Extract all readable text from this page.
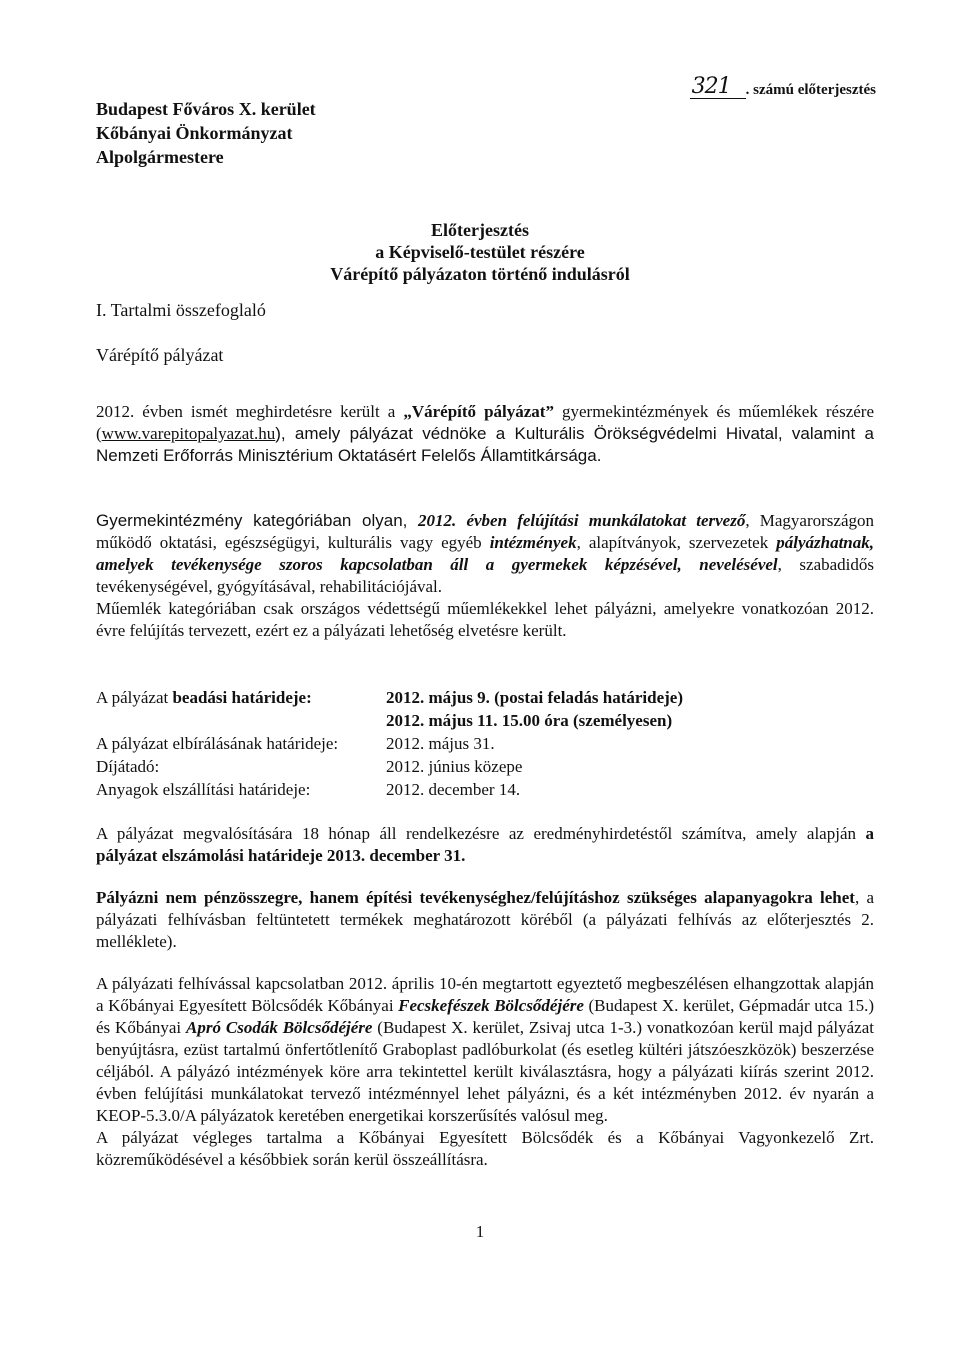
Budapest Főváros X. kerület
Kőbányai Önkormányzat
Alpolgármestere
321	. számú előterjesztés
Előterjesztés
a Képviselő-testület részére
Várépítő pályázaton történő indulásról
I. Tartalmi összefoglaló
Várépítő pályázat

2012. évben ismét meghirdetésre került a „Várépítő pályázat” gyermekintézmények és műemlékek részére (www.varepitopalyazat.hu), amely pályázat védnöke a Kulturális Örökségvédelmi Hivatal, valamint a Nemzeti Erőforrás Minisztérium Oktatásért Felelős Államtitkársága.

Gyermekintézmény kategóriában olyan, 2012. évben felújítási munkálatokat tervező, Magyarországon működő oktatási, egészségügyi, kulturális vagy egyéb intézmények, alapítványok, szervezetek pályázhatnak, amelyek tevékenysége szoros kapcsolatban áll a gyermekek képzésével, nevelésével, szabadidős tevékenységével, gyógyításával, rehabilitációjával.

Műemlék kategóriában csak országos védettségű műemlékekkel lehet pályázni, amelyekre vonatkozóan 2012. évre felújítás tervezett, ezért ez a pályázati lehetőség elvetésre került.

A pályázat beadási határideje:	2012. május 9. (postai feladás határideje)
	2012. május 11. 15.00 óra (személyesen)
A pályázat elbírálásának határideje:	2012. május 31.
Díjátadó:	2012. június közepe
Anyagok elszállítási határideje:	2012. december 14.

A pályázat megvalósítására 18 hónap áll rendelkezésre az eredményhirdetéstől számítva, amely alapján a pályázat elszámolási határideje 2013. december 31.

Pályázni nem pénzösszegre, hanem építési tevékenységhez/felújításhoz szükséges alapanyagokra lehet, a pályázati felhívásban feltüntetett termékek meghatározott köréből (a pályázati felhívás az előterjesztés 2. melléklete).

A pályázati felhívással kapcsolatban 2012. április 10-én megtartott egyeztető megbeszélésen elhangzottak alapján a Kőbányai Egyesített Bölcsődék Kőbányai Fecskefészek Bölcsődéjére (Budapest X. kerület, Gépmadár utca 15.) és Kőbányai Apró Csodák Bölcsődéjére (Budapest X. kerület, Zsivaj utca 1-3.) vonatkozóan kerül majd pályázat benyújtásra, ezüst tartalmú önfertőtlenítő Graboplast padlóburkolat (és esetleg kültéri játszóeszközök) beszerzése céljából. A pályázó intézmények köre arra tekintettel került kiválasztásra, hogy a pályázati kiírás szerint 2012. évben felújítási munkálatokat tervező intézménnyel lehet pályázni, és a két intézményben 2012. év nyarán a KEOP-5.3.0/A pályázatok keretében energetikai korszerűsítés valósul meg.

A pályázat végleges tartalma a Kőbányai Egyesített Bölcsődék és a Kőbányai Vagyonkezelő Zrt. közreműködésével a későbbiek során kerül összeállításra.

1
